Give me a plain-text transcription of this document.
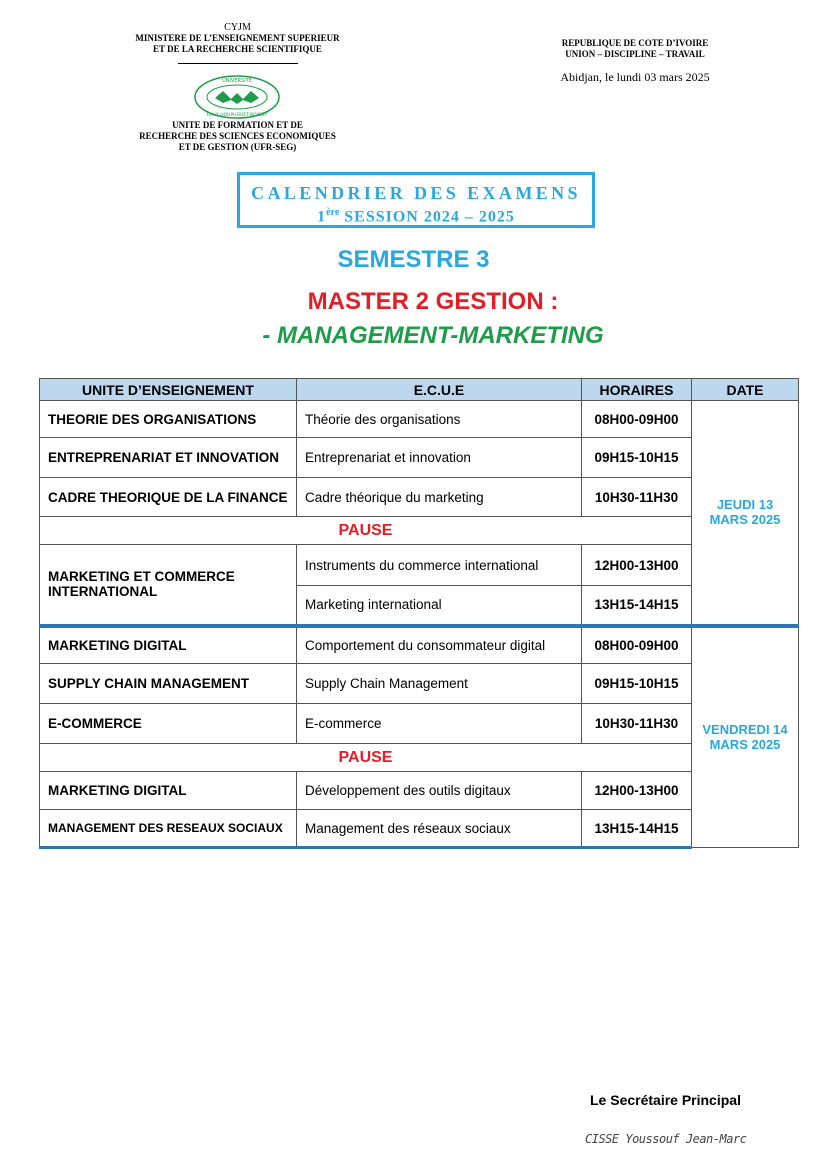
CYJM
MINISTERE DE L’ENSEIGNEMENT SUPERIEUR
ET DE LA RECHERCHE SCIENTIFIQUE
UNIVERSITE
FELIX HOUPHOUET-BOIGNY
UNITE DE FORMATION ET DE
RECHERCHE DES SCIENCES ECONOMIQUES
ET DE GESTION (UFR-SEG)
REPUBLIQUE DE COTE D’IVOIRE
UNION – DISCIPLINE – TRAVAIL
Abidjan, le lundi 03 mars 2025
CALENDRIER DES EXAMENS
1ère SESSION 2024 – 2025
SEMESTRE 3
MASTER 2 GESTION :
- MANAGEMENT-MARKETING
UNITE D’ENSEIGNEMENT	E.C.U.E	HORAIRES	DATE
THEORIE DES ORGANISATIONS	Théorie des organisations	08H00-09H00	JEUDI 13
MARS 2025

ENTREPRENARIAT ET INNOVATION	Entreprenariat et innovation	09H15-10H15	
CADRE THEORIQUE DE LA FINANCE	Cadre théorique du marketing	10H30-11H30	
PAUSE			
MARKETING ET COMMERCE INTERNATIONAL	Instruments du commerce international	12H00-13H00	
	Marketing international	13H15-14H15	
MARKETING DIGITAL	Comportement du consommateur digital	08H00-09H00	VENDREDI 14
MARS 2025

SUPPLY CHAIN MANAGEMENT	Supply Chain Management	09H15-10H15	
E-COMMERCE	E-commerce	10H30-11H30	
PAUSE			
MARKETING DIGITAL	Développement des outils digitaux	12H00-13H00	
MANAGEMENT DES RESEAUX SOCIAUX	Management des réseaux sociaux	13H15-14H15	
Le Secrétaire Principal
CISSE Youssouf Jean-Marc
